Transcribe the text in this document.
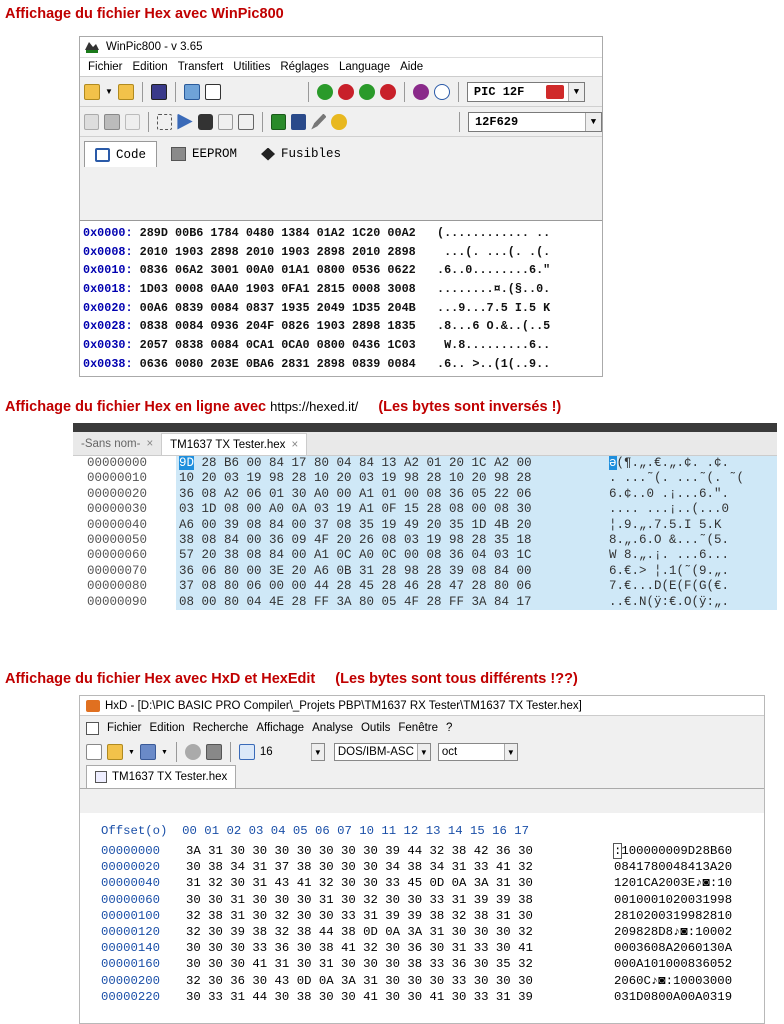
Affichage du fichier Hex avec WinPic800
Affichage du fichier Hex en ligne avec https://hexed.it/ (Les bytes sont inversés !)
Affichage du fichier Hex avec HxD et HexEdit (Les bytes sont tous différents !??)
WinPic800 - v 3.65
Fichier Edition Transfert Utilities Réglages Language Aide
▼	PIC 12F	▼
12F629	▼
Code	EEPROM	Fusibles
0x0000: 289D 00B6 1784 0480 1384 01A2 1C20 00A2   (............ ..
0x0008: 2010 1903 2898 2010 1903 2898 2010 2898    ...(. ...(. .(.
0x0010: 0836 06A2 3001 00A0 01A1 0800 0536 0622   .6..0........6."
0x0018: 1D03 0008 0AA0 1903 0FA1 2815 0008 3008   ........¤.(§..0.
0x0020: 00A6 0839 0084 0837 1935 2049 1D35 204B   ...9...7.5 I.5 K
0x0028: 0838 0084 0936 204F 0826 1903 2898 1835   .8...6 O.&..(..5
0x0030: 2057 0838 0084 0CA1 0CA0 0800 0436 1C03    W.8.........6..
0x0038: 0636 0080 203E 0BA6 2831 2898 0839 0084   .6.. >..(1(..9..
-Sans nom- × TM1637 TX Tester.hex ×
00000000	9D 28 B6 00 84 17 80 04 84 13 A2 01 20 1C A2 00	ǝ(¶.„.€.„.¢. .¢.
00000010	10 20 03 19 98 28 10 20 03 19 98 28 10 20 98 28	. ...˜(. ...˜(. ˜(
00000020	36 08 A2 06 01 30 A0 00 A1 01 00 08 36 05 22 06	6.¢..0 .¡...6.".
00000030	03 1D 08 00 A0 0A 03 19 A1 0F 15 28 08 00 08 30	.... ...¡..(...0
00000040	A6 00 39 08 84 00 37 08 35 19 49 20 35 1D 4B 20	¦.9.„.7.5.I 5.K
00000050	38 08 84 00 36 09 4F 20 26 08 03 19 98 28 35 18	8.„.6.O &...˜(5.
00000060	57 20 38 08 84 00 A1 0C A0 0C 00 08 36 04 03 1C	W 8.„.¡. ...6...
00000070	36 06 80 00 3E 20 A6 0B 31 28 98 28 39 08 84 00	6.€.> ¦.1(˜(9.„.
00000080	37 08 80 06 00 00 44 28 45 28 46 28 47 28 80 06	7.€...D(E(F(G(€.
00000090	08 00 80 04 4E 28 FF 3A 80 05 4F 28 FF 3A 84 17	..€.N(ÿ:€.O(ÿ:„.
HxD - [D:\PIC BASIC PRO Compiler\_Projets PBP\TM1637 RX Tester\TM1637 TX Tester.hex]
Fichier Edition Recherche Affichage Analyse Outils Fenêtre ?
▼	▼	16	▼ DOS/IBM-ASC ▼ oct	▼
TM1637 TX Tester.hex
Offset(o)  00 01 02 03 04 05 06 07 10 11 12 13 14 15 16 17
00000000 3A 31 30 30 30 30 30 30 30 39 44 32 38 42 36 30	:100000009D28B60
00000020 30 38 34 31 37 38 30 30 30 34 38 34 31 33 41 32	0841780048413A20
00000040 31 32 30 31 43 41 32 30 30 33 45 0D 0A 3A 31 30	1201CA2003E♪◙:10
00000060 30 30 31 30 30 30 31 30 32 30 30 33 31 39 39 38	0010001020031998
00000100 32 38 31 30 32 30 30 33 31 39 39 38 32 38 31 30	2810200319982810
00000120 32 30 39 38 32 38 44 38 0D 0A 3A 31 30 30 30 32	209828D8♪◙:10002
00000140 30 30 30 33 36 30 38 41 32 30 36 30 31 33 30 41	0003608A2060130A
00000160 30 30 30 41 31 30 31 30 30 30 38 33 36 30 35 32	000A101000836052
00000200 32 30 36 30 43 0D 0A 3A 31 30 30 30 33 30 30 30	2060C♪◙:10003000
00000220 30 33 31 44 30 38 30 30 41 30 30 41 30 33 31 39	031D0800A00A0319
